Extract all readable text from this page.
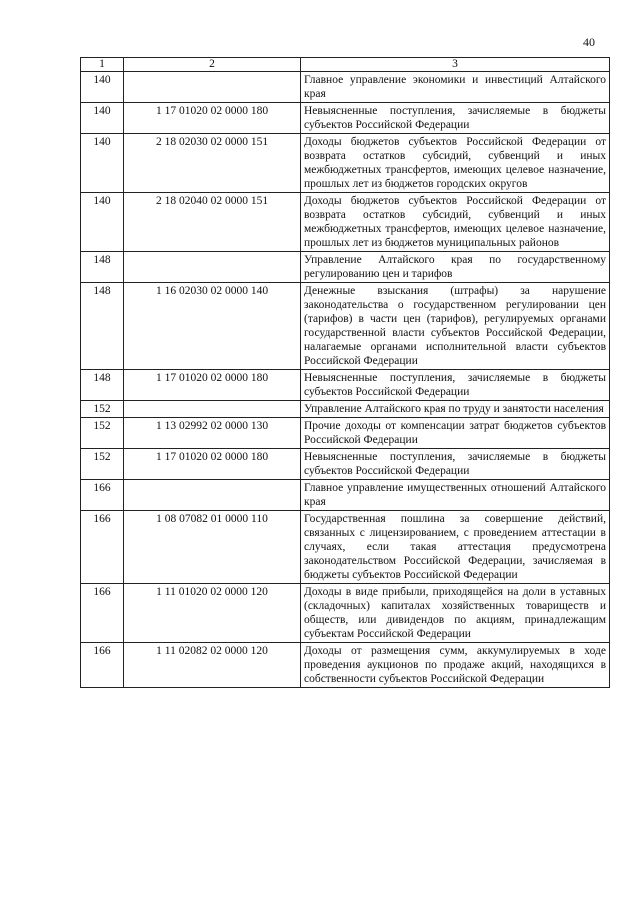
40
1	2	3
140		Главное управление экономики и инвестиций Алтайского края
140	1 17 01020 02 0000 180	Невыясненные поступления, зачисляемые в бюджеты субъектов Российской Федерации
140	2 18 02030 02 0000 151	Доходы бюджетов субъектов Российской Федерации от возврата остатков субсидий, субвенций и иных межбюджетных трансфертов, имеющих целевое назначение, прошлых лет из бюджетов городских округов
140	2 18 02040 02 0000 151	Доходы бюджетов субъектов Российской Федерации от возврата остатков субсидий, субвенций и иных межбюджетных трансфертов, имеющих целевое назначение, прошлых лет из бюджетов муниципальных районов
148		Управление Алтайского края по государственному регулированию цен и тарифов
148	1 16 02030 02 0000 140	Денежные взыскания (штрафы) за нарушение законодательства о государственном регулировании цен (тарифов) в части цен (тарифов), регулируемых органами государственной власти субъектов Российской Федерации, налагаемые органами исполнительной власти субъектов Российской Федерации
148	1 17 01020 02 0000 180	Невыясненные поступления, зачисляемые в бюджеты субъектов Российской Федерации
152		Управление Алтайского края по труду и занятости населения
152	1 13 02992 02 0000 130	Прочие доходы от компенсации затрат бюджетов субъектов Российской Федерации
152	1 17 01020 02 0000 180	Невыясненные поступления, зачисляемые в бюджеты субъектов Российской Федерации
166		Главное управление имущественных отношений Алтайского края
166	1 08 07082 01 0000 110	Государственная пошлина за совершение действий, связанных с лицензированием, с проведением аттестации в случаях, если такая аттестация предусмотрена законодательством Российской Федерации, зачисляемая в бюджеты субъектов Российской Федерации
166	1 11 01020 02 0000 120	Доходы в виде прибыли, приходящейся на доли в уставных (складочных) капиталах хозяйственных товариществ и обществ, или дивидендов по акциям, принадлежащим субъектам Российской Федерации
166	1 11 02082 02 0000 120	Доходы от размещения сумм, аккумулируемых в ходе проведения аукционов по продаже акций, находящихся в собственности субъектов Российской Федерации
